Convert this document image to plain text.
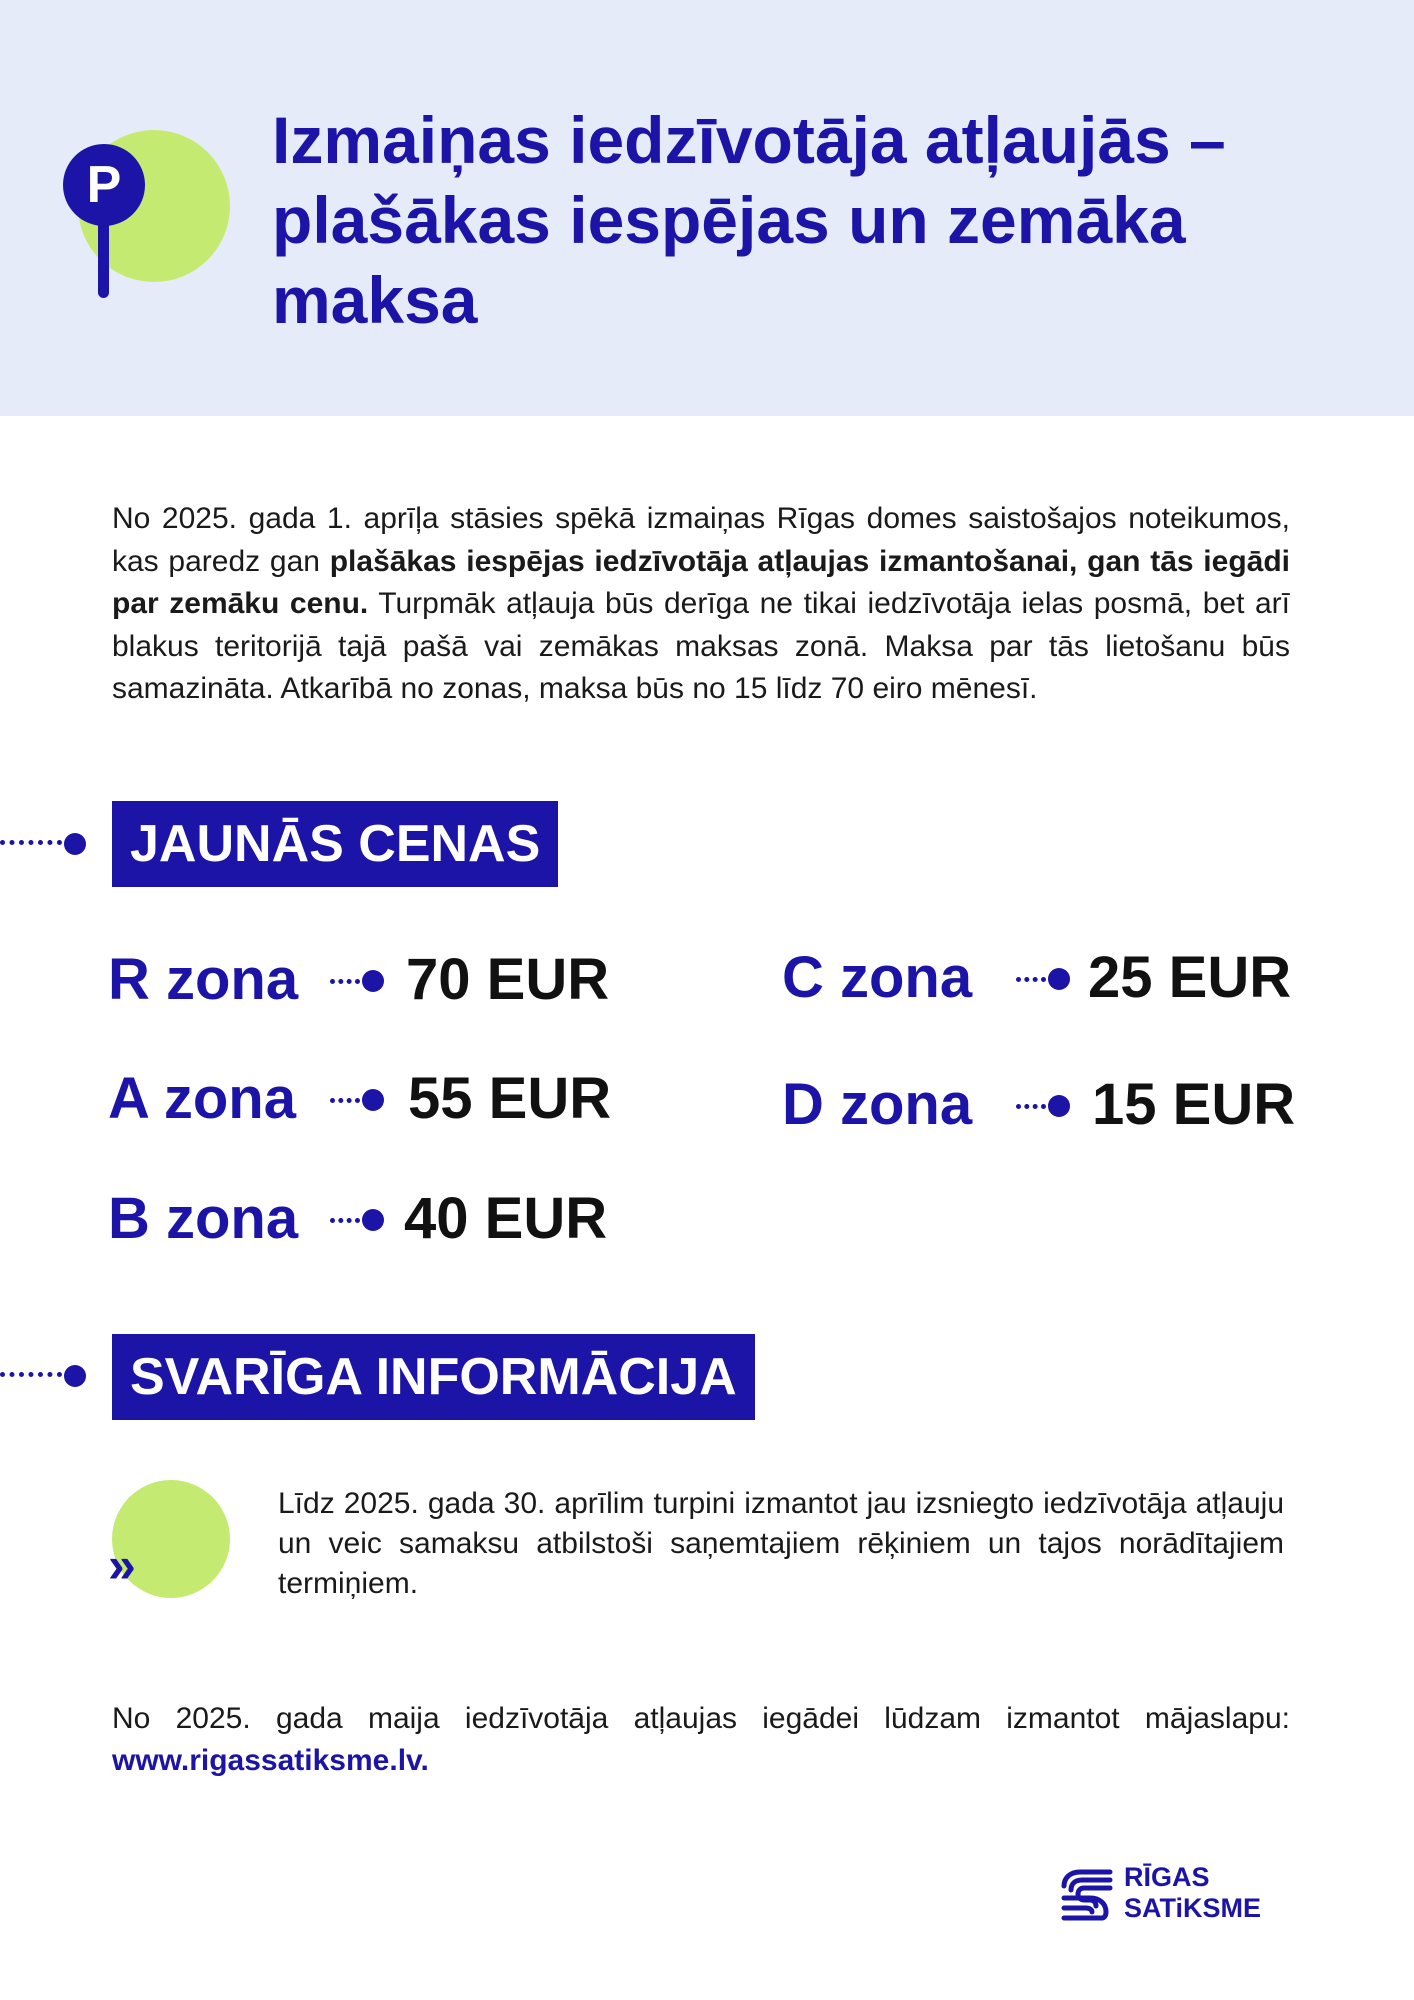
P
Izmaiņas iedzīvotāja atļaujās –
plašākas iespējas un zemāka maksa

No 2025. gada 1. aprīļa stāsies spēkā izmaiņas Rīgas domes saistošajos noteikumos, kas paredz gan plašākas iespējas iedzīvotāja atļaujas izmantošanai, gan tās iegādi par zemāku cenu. Turpmāk atļauja būs derīga ne tikai iedzīvotāja ielas posmā, bet arī blakus teritorijā tajā pašā vai zemākas maksas zonā. Maksa par tās lietošanu būs samazināta. Atkarībā no zonas, maksa būs no 15 līdz 70 eiro mēnesī.

JAUNĀS CENAS
R zona 70 EUR
A zona 55 EUR
B zona 40 EUR
C zona 25 EUR
D zona 15 EUR
SVARĪGA INFORMĀCIJA
»

Līdz 2025. gada 30. aprīlim turpini izmantot jau izsniegto iedzīvotāja atļauju un veic samaksu atbilstoši saņemtajiem rēķiniem un tajos norādītajiem termiņiem.

No 2025. gada maija iedzīvotāja atļaujas iegādei lūdzam izmantot mājaslapu: www.rigassatiksme.lv.

RĪGAS
SATiKSME
